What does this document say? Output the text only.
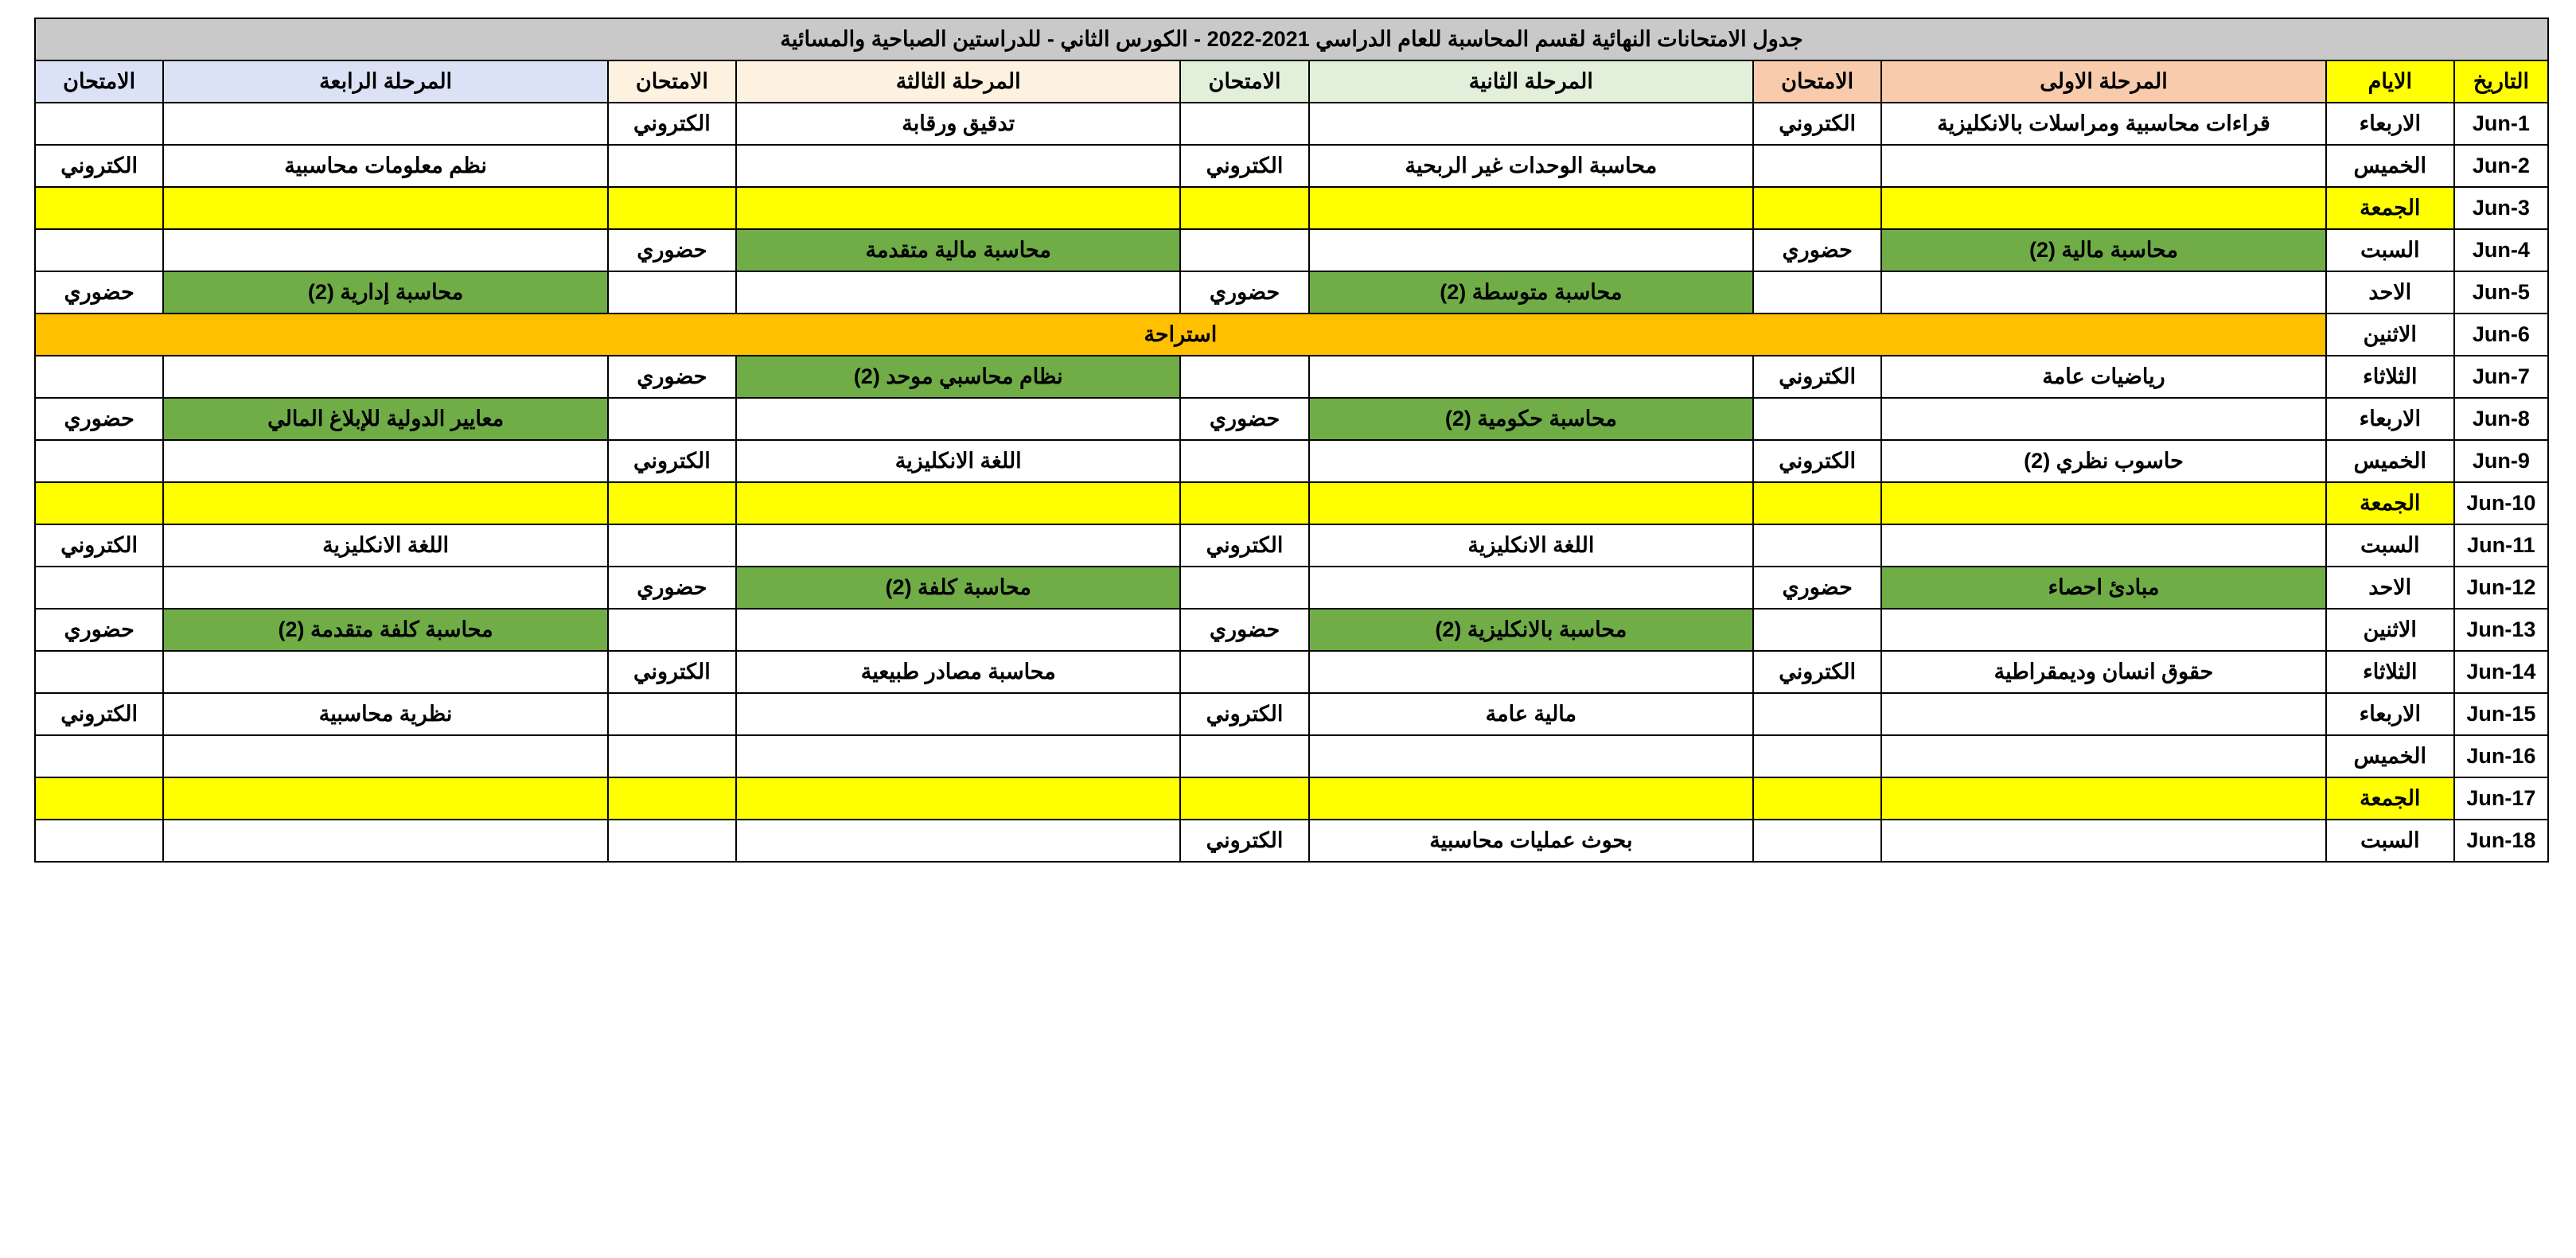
جدول الامتحانات النهائية لقسم المحاسبة للعام الدراسي 2021-2022 - الكورس الثاني - للدراستين الصباحية والمسائية									
التاريخ	الايام	المرحلة الاولى	الامتحان	المرحلة الثانية	الامتحان	المرحلة الثالثة	الامتحان	المرحلة الرابعة	الامتحان
1-Jun	الاربعاء	قراءات محاسبية ومراسلات بالانكليزية	الكتروني			تدقيق ورقابة	الكتروني		
2-Jun	الخميس			محاسبة الوحدات غير الربحية	الكتروني			نظم معلومات محاسبية	الكتروني
3-Jun	الجمعة								
4-Jun	السبت	محاسبة مالية (2)	حضوري			محاسبة مالية متقدمة	حضوري		
5-Jun	الاحد			محاسبة متوسطة (2)	حضوري			محاسبة إدارية (2)	حضوري
6-Jun	الاثنين	استراحة							
7-Jun	الثلاثاء	رياضيات عامة	الكتروني			نظام محاسبي موحد (2)	حضوري		
8-Jun	الاربعاء			محاسبة حكومية (2)	حضوري			معايير الدولية للإبلاغ المالي	حضوري
9-Jun	الخميس	حاسوب نظري (2)	الكتروني			اللغة الانكليزية	الكتروني		
10-Jun	الجمعة								
11-Jun	السبت			اللغة الانكليزية	الكتروني			اللغة الانكليزية	الكتروني
12-Jun	الاحد	مبادئ احصاء	حضوري			محاسبة كلفة (2)	حضوري		
13-Jun	الاثنين			محاسبة بالانكليزية (2)	حضوري			محاسبة كلفة متقدمة (2)	حضوري
14-Jun	الثلاثاء	حقوق انسان وديمقراطية	الكتروني			محاسبة مصادر طبيعية	الكتروني		
15-Jun	الاربعاء			مالية عامة	الكتروني			نظرية محاسبية	الكتروني
16-Jun	الخميس								
17-Jun	الجمعة								
18-Jun	السبت			بحوث عمليات محاسبية	الكتروني				
